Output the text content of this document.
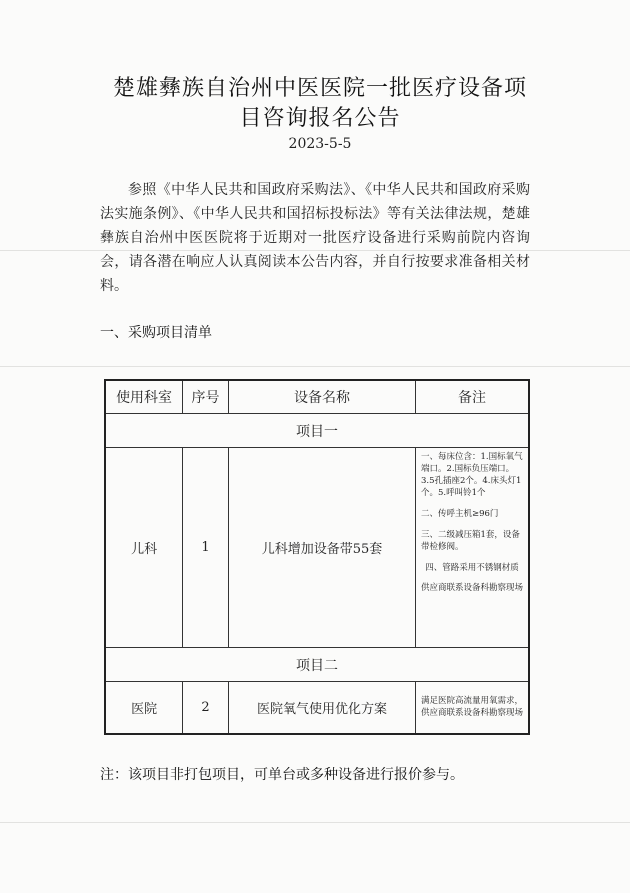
楚雄彝族自治州中医医院一批医疗设备项
目咨询报名公告
2023-5-5
参照《中华人民共和国政府采购法》、《中华人民共和国政府采购法实施条例》、《中华人民共和国招标投标法》等有关法律法规，楚雄彝族自治州中医医院将于近期对一批医疗设备进行采购前院内咨询会，请各潜在响应人认真阅读本公告内容，并自行按要求准备相关材料。
一、采购项目清单
使用科室	序号	设备名称	备注
项目一			
儿科	1	儿科增加设备带55套	一、每床位含：1.国标氧气端口。2.国标负压端口。3.5孔插座2个。4.床头灯1个。5.呼叫铃1个

二、传呼主机≥96门

三、二级减压箱1套，设备带检修阀。

四、管路采用不锈钢材质

供应商联系设备科勘察现场

项目二			
医院	2	医院氧气使用优化方案	满足医院高流量用氧需求，供应商联系设备科勘察现场
注：该项目非打包项目，可单台或多种设备进行报价参与。
